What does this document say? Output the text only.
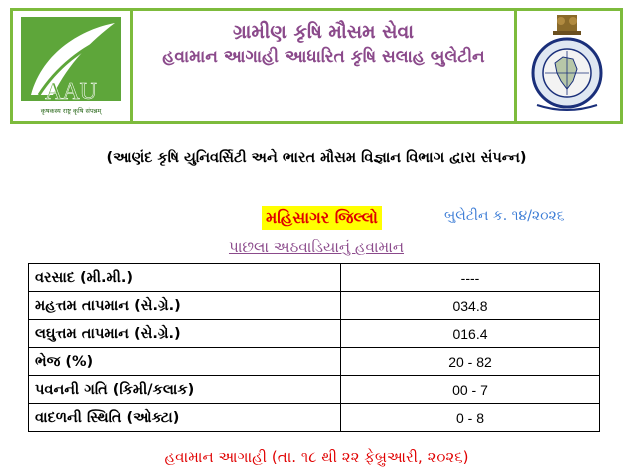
AAU
कृषकस्य राष्ट्र कृषि संपन्नम्
ગ્રામીણ કૃષિ મૌસમ સેવા
હવામાન આગાહી આધારિત કૃષિ સલાહ બુલેટીન
(આણંદ કૃષિ યુનિવર્સિટી અને ભારત મૌસમ વિજ્ઞાન વિભાગ દ્વારા સંપન્ન)
મહિસાગર જિલ્લો	બુલેટીન ક. ૧૪/૨૦૨૬
પાછલા અઠવાડિયાનું હવામાન
વરસાદ (મી.મી.)	----
મહત્તમ તાપમાન (સે.ગ્રે.)	034.8
લઘુત્તમ તાપમાન (સે.ગ્રે.)	016.4
ભેજ (%)	20 - 82
પવનની ગતિ (કિમી/કલાક)	00 - 7
વાદળની સ્થિતિ (ઓક્ટા)	0 - 8
હવામાન આગાહી (તા. ૧૮ થી ૨૨ ફેબ્રુઆરી, ૨૦૨૬)
